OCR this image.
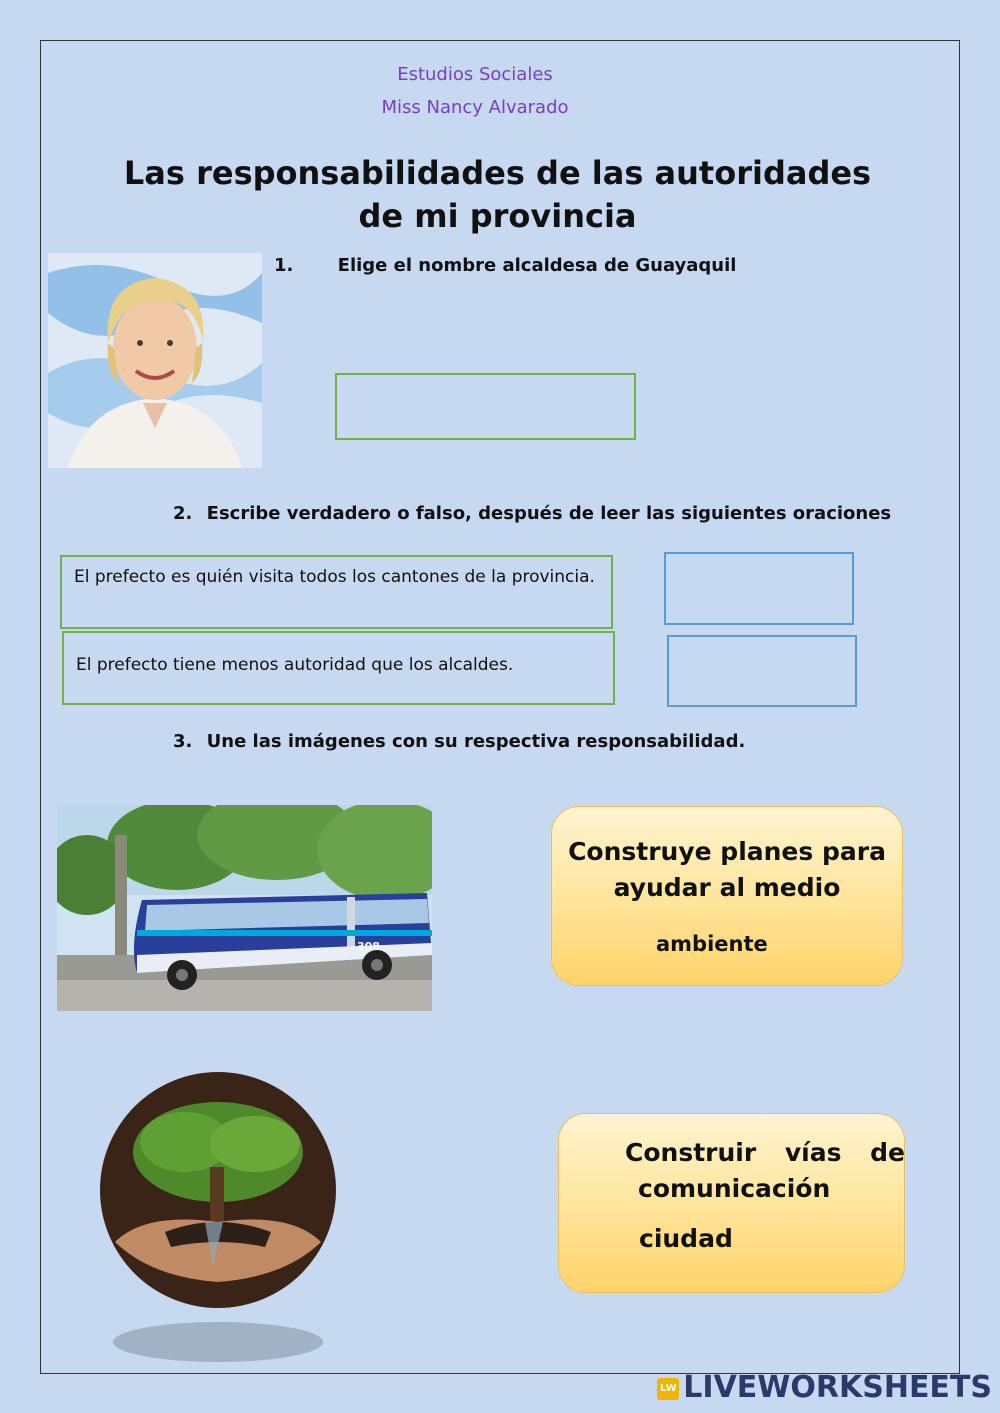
Estudios Sociales
Miss Nancy Alvarado
Las responsabilidades de las autoridades
de mi provincia
1. Elige el nombre alcaldesa de Guayaquil
2. Escribe verdadero o falso, después de leer las siguientes oraciones
El prefecto es quién visita todos los cantones de la provincia.
El prefecto tiene menos autoridad que los alcaldes.
3. Une las imágenes con su respectiva responsabilidad.
308
Construye planes para
ayudar al medio
ambiente
Construir vías de
comunicación
ciudad
LW LIVEWORKSHEETS
